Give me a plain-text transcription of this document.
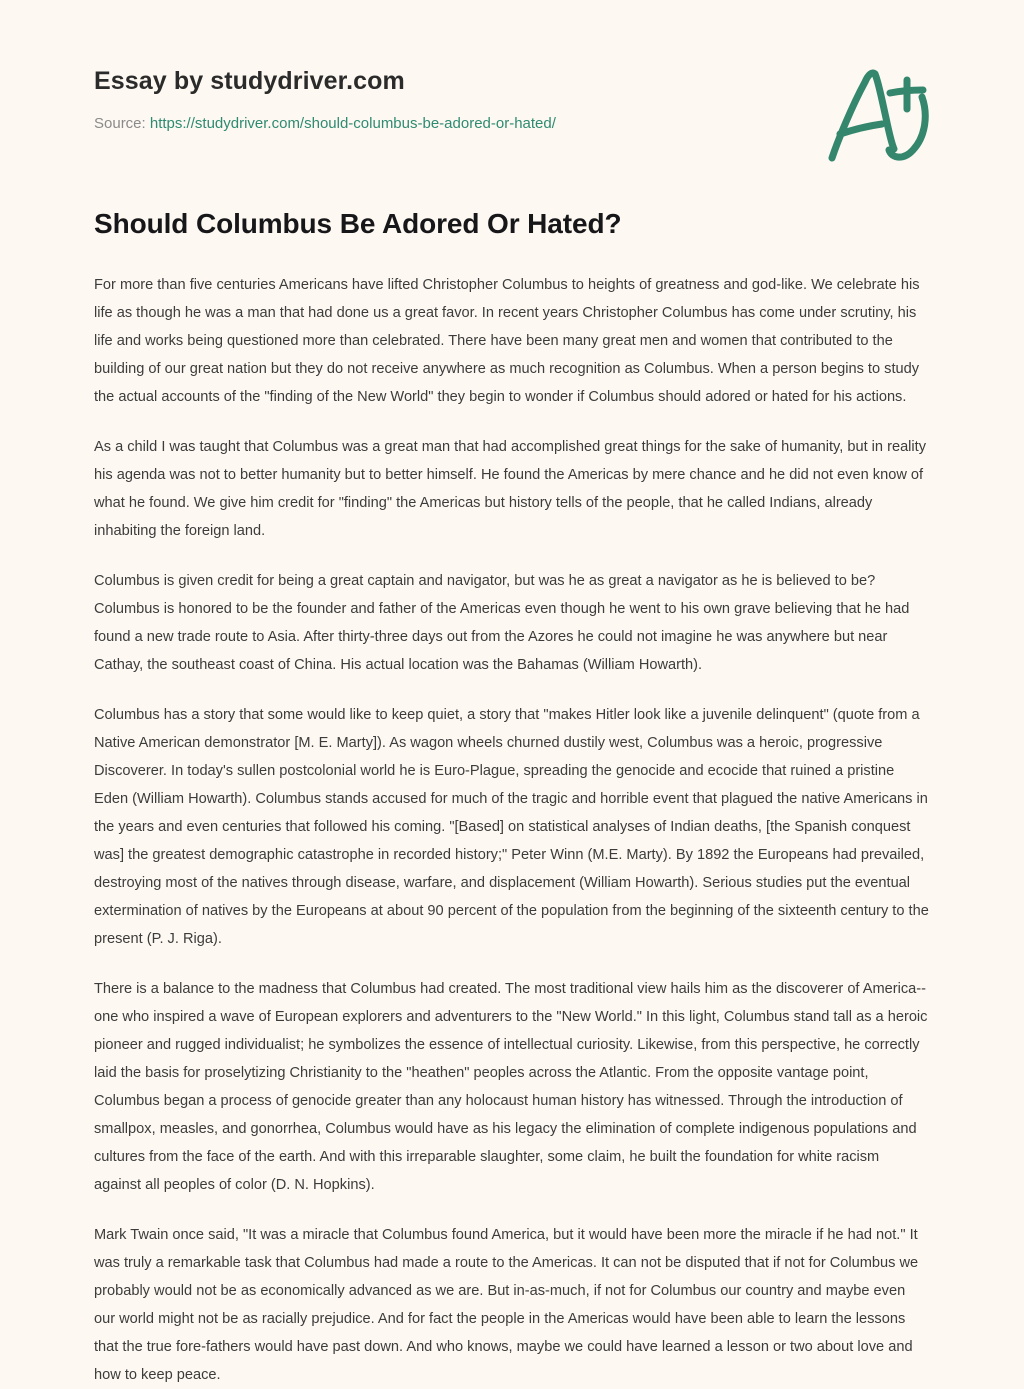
Essay by studydriver.com
Source: https://studydriver.com/should-columbus-be-adored-or-hated/
Should Columbus Be Adored Or Hated?

For more than five centuries Americans have lifted Christopher Columbus to heights of greatness and god-like. We celebrate his life as though he was a man that had done us a great favor. In recent years Christopher Columbus has come under scrutiny, his life and works being questioned more than celebrated. There have been many great men and women that contributed to the building of our great nation but they do not receive anywhere as much recognition as Columbus. When a person begins to study the actual accounts of the "finding of the New World" they begin to wonder if Columbus should adored or hated for his actions.

As a child I was taught that Columbus was a great man that had accomplished great things for the sake of humanity, but in reality his agenda was not to better humanity but to better himself. He found the Americas by mere chance and he did not even know of what he found. We give him credit for "finding" the Americas but history tells of the people, that he called Indians, already inhabiting the foreign land.

Columbus is given credit for being a great captain and navigator, but was he as great a navigator as he is believed to be? Columbus is honored to be the founder and father of the Americas even though he went to his own grave believing that he had found a new trade route to Asia. After thirty-three days out from the Azores he could not imagine he was anywhere but near Cathay, the southeast coast of China. His actual location was the Bahamas (William Howarth).

Columbus has a story that some would like to keep quiet, a story that "makes Hitler look like a juvenile delinquent" (quote from a Native American demonstrator [M. E. Marty]). As wagon wheels churned dustily west, Columbus was a heroic, progressive Discoverer. In today's sullen postcolonial world he is Euro-Plague, spreading the genocide and ecocide that ruined a pristine Eden (William Howarth). Columbus stands accused for much of the tragic and horrible event that plagued the native Americans in the years and even centuries that followed his coming. "[Based] on statistical analyses of Indian deaths, [the Spanish conquest was] the greatest demographic catastrophe in recorded history;" Peter Winn (M.E. Marty). By 1892 the Europeans had prevailed, destroying most of the natives through disease, warfare, and displacement (William Howarth). Serious studies put the eventual extermination of natives by the Europeans at about 90 percent of the population from the beginning of the sixteenth century to the present (P. J. Riga).

There is a balance to the madness that Columbus had created. The most traditional view hails him as the discoverer of America--one who inspired a wave of European explorers and adventurers to the "New World." In this light, Columbus stand tall as a heroic pioneer and rugged individualist; he symbolizes the essence of intellectual curiosity. Likewise, from this perspective, he correctly laid the basis for proselytizing Christianity to the "heathen" peoples across the Atlantic. From the opposite vantage point, Columbus began a process of genocide greater than any holocaust human history has witnessed. Through the introduction of smallpox, measles, and gonorrhea, Columbus would have as his legacy the elimination of complete indigenous populations and cultures from the face of the earth. And with this irreparable slaughter, some claim, he built the foundation for white racism against all peoples of color (D. N. Hopkins).

Mark Twain once said, "It was a miracle that Columbus found America, but it would have been more the miracle if he had not." It was truly a remarkable task that Columbus had made a route to the Americas. It can not be disputed that if not for Columbus we probably would not be as economically advanced as we are. But in-as-much, if not for Columbus our country and maybe even our world might not be as racially prejudice. And for fact the people in the Americas would have been able to learn the lessons that the true fore-fathers would have past down. And who knows, maybe we could have learned a lesson or two about love and how to keep peace.
